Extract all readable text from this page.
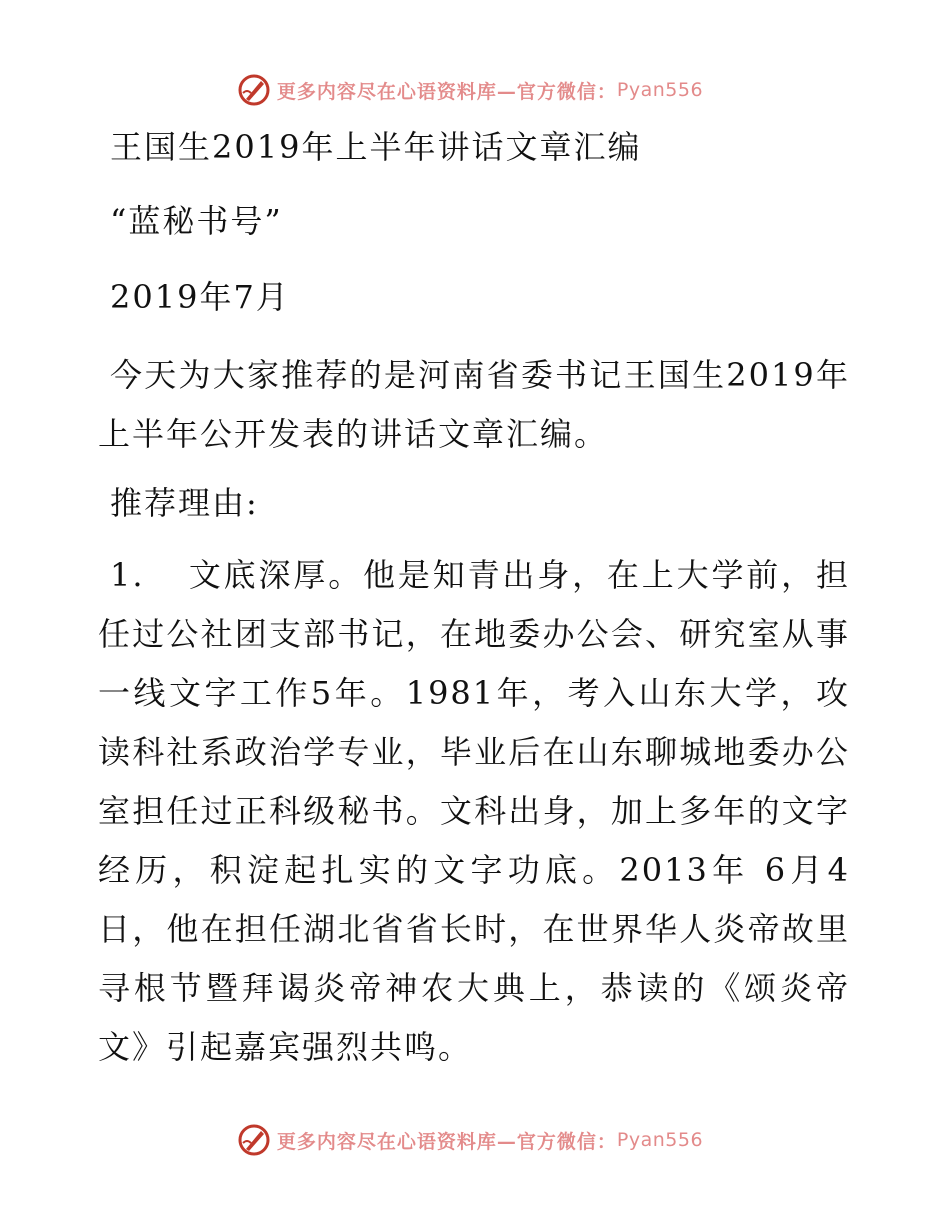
更多内容尽在心语资料库—官方微信： Pyan556

王国生2019年上半年讲话文章汇编

“蓝秘书号”

2019年7月

今天为大家推荐的是河南省委书记王国生2019年上半年公开发表的讲话文章汇编。

推荐理由:

1. 文底深厚。他是知青出身，在上大学前，担任过公社团支部书记，在地委办公会、研究室从事一线文字工作5年。1981年，考入山东大学，攻读科社系政治学专业，毕业后在山东聊城地委办公室担任过正科级秘书。文科出身，加上多年的文字经历，积淀起扎实的文字功底。2013年 6月4日，他在担任湖北省省长时，在世界华人炎帝故里寻根节暨拜谒炎帝神农大典上，恭读的《颂炎帝文》引起嘉宾强烈共鸣。

更多内容尽在心语资料库—官方微信： Pyan556
